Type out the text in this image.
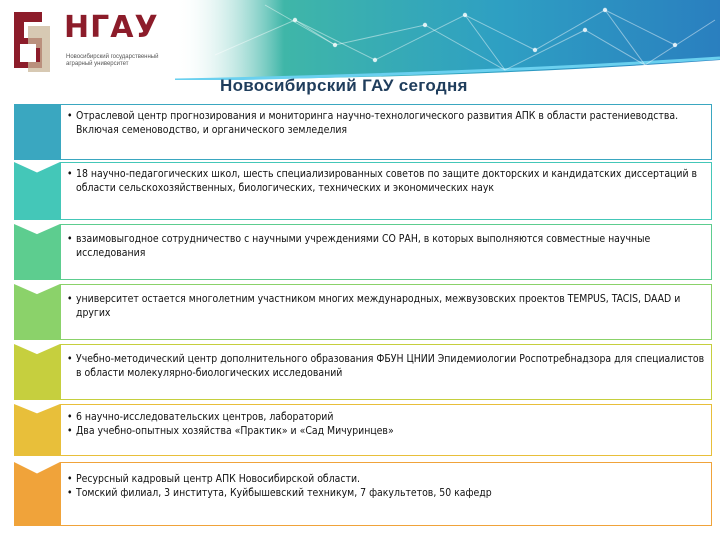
НГАУ
Новосибирский государственный аграрный университет
Новосибирский ГАУ сегодня
• Отраслевой центр прогнозирования и мониторинга научно-технологического развития АПК в области растениеводства. Включая семеноводство, и органического земледелия
• 18 научно-педагогических школ, шесть специализированных советов по защите докторских и кандидатских диссертаций в области сельскохозяйственных, биологических, технических и экономических наук
• взаимовыгодное сотрудничество с научными учреждениями СО РАН, в которых выполняются совместные научные исследования
• университет остается многолетним участником многих международных, межвузовских проектов TEMPUS, TACIS, DAAD и других
• Учебно-методический центр дополнительного образования ФБУН ЦНИИ Эпидемиологии Роспотребнадзора для специалистов в области молекулярно-биологических исследований
• 6 научно-исследовательских центров, лабораторий
• Два учебно-опытных хозяйства «Практик» и «Сад Мичуринцев»
• Ресурсный кадровый центр АПК Новосибирской области.
• Томский филиал, 3 института, Куйбышевский техникум, 7 факультетов, 50 кафедр
